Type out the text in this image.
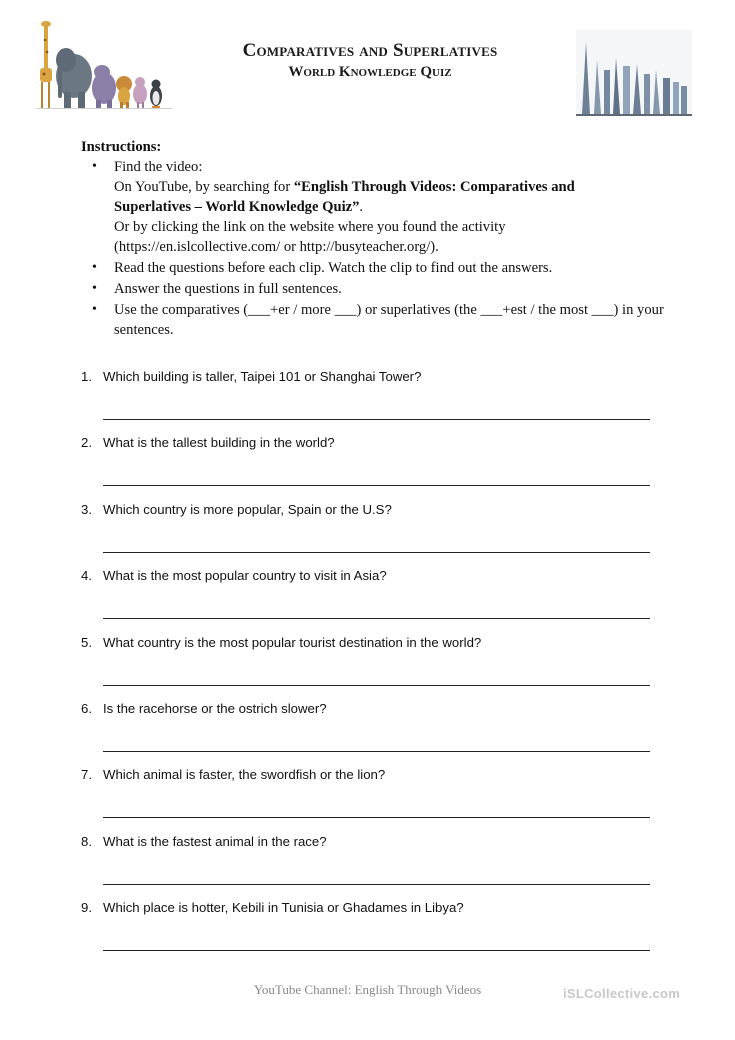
Comparatives and Superlatives
World Knowledge Quiz
Instructions:
• Find the video:
On YouTube, by searching for “English Through Videos: Comparatives and
Superlatives – World Knowledge Quiz”.
Or by clicking the link on the website where you found the activity
(https://en.islcollective.com/ or http://busyteacher.org/).
• Read the questions before each clip. Watch the clip to find out the answers.
• Answer the questions in full sentences.
• Use the comparatives (___+er / more ___) or superlatives (the ___+est / the most ___) in your sentences.
1. Which building is taller, Taipei 101 or Shanghai Tower?
2. What is the tallest building in the world?
3. Which country is more popular, Spain or the U.S?
4. What is the most popular country to visit in Asia?
5. What country is the most popular tourist destination in the world?
6. Is the racehorse or the ostrich slower?
7. Which animal is faster, the swordfish or the lion?
8. What is the fastest animal in the race?
9. Which place is hotter, Kebili in Tunisia or Ghadames in Libya?
YouTube Channel: English Through Videos	iSLCollective.com
